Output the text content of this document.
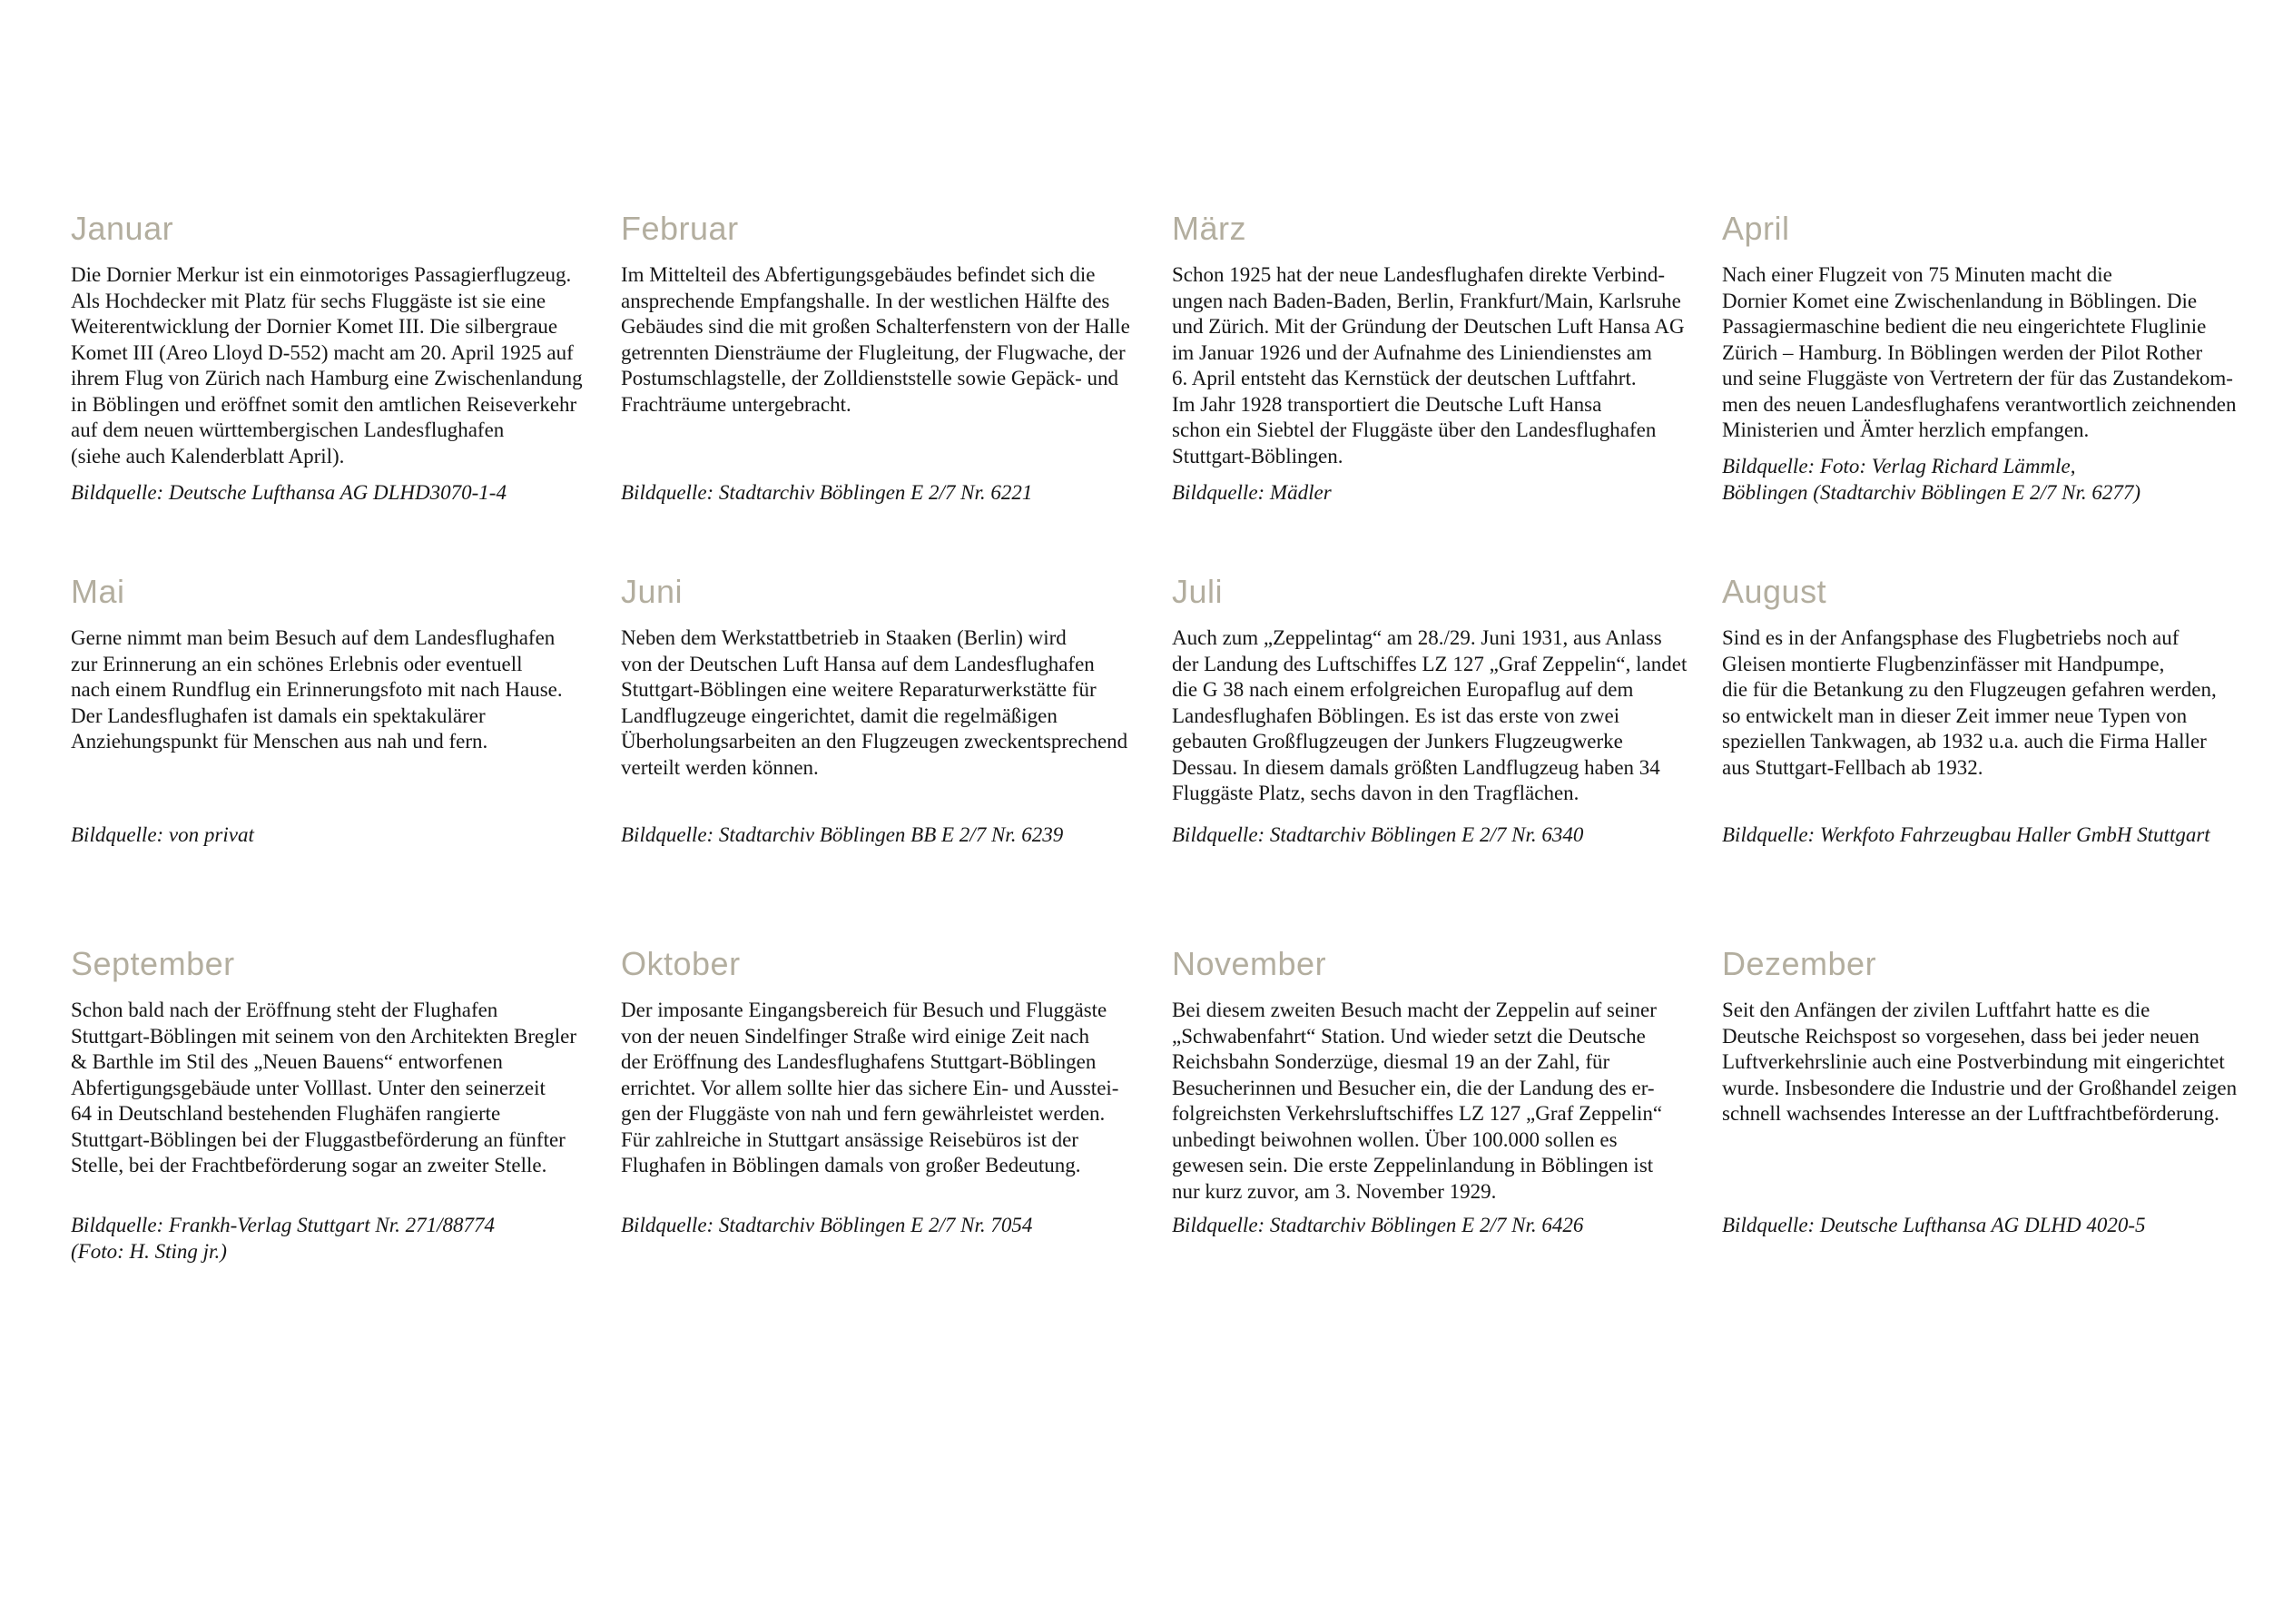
Januar
Die Dornier Merkur ist ein einmotoriges Passagierflugzeug.
Als Hochdecker mit Platz für sechs Fluggäste ist sie eine
Weiterentwicklung der Dornier Komet III. Die silbergraue
Komet III (Areo Lloyd D-552) macht am 20. April 1925 auf
ihrem Flug von Zürich nach Hamburg eine Zwischenlandung
in Böblingen und eröffnet somit den amtlichen Reiseverkehr
auf dem neuen württembergischen Landesflughafen
(siehe auch Kalenderblatt April).
Bildquelle: Deutsche Lufthansa AG DLHD3070-1-4
Februar
Im Mittelteil des Abfertigungsgebäudes befindet sich die
ansprechende Empfangshalle. In der westlichen Hälfte des
Gebäudes sind die mit großen Schalterfenstern von der Halle
getrennten Diensträume der Flugleitung, der Flugwache, der
Postumschlagstelle, der Zolldienststelle sowie Gepäck- und
Frachträume untergebracht.
Bildquelle: Stadtarchiv Böblingen E 2/7 Nr. 6221
März
Schon 1925 hat der neue Landesflughafen direkte Verbind-
ungen nach Baden-Baden, Berlin, Frankfurt/Main, Karlsruhe
und Zürich. Mit der Gründung der Deutschen Luft Hansa AG
im Januar 1926 und der Aufnahme des Liniendienstes am
6. April entsteht das Kernstück der deutschen Luftfahrt.
Im Jahr 1928 transportiert die Deutsche Luft Hansa
schon ein Siebtel der Fluggäste über den Landesflughafen
Stuttgart-Böblingen.
Bildquelle: Mädler
April
Nach einer Flugzeit von 75 Minuten macht die
Dornier Komet eine Zwischenlandung in Böblingen. Die
Passagiermaschine bedient die neu eingerichtete Fluglinie
Zürich – Hamburg. In Böblingen werden der Pilot Rother
und seine Fluggäste von Vertretern der für das Zustandekom-
men des neuen Landesflughafens verantwortlich zeichnenden
Ministerien und Ämter herzlich empfangen.
Bildquelle: Foto: Verlag Richard Lämmle,
Böblingen (Stadtarchiv Böblingen E 2/7 Nr. 6277)
Mai
Gerne nimmt man beim Besuch auf dem Landesflughafen
zur Erinnerung an ein schönes Erlebnis oder eventuell
nach einem Rundflug ein Erinnerungsfoto mit nach Hause.
Der Landesflughafen ist damals ein spektakulärer
Anziehungspunkt für Menschen aus nah und fern.
Bildquelle: von privat
Juni
Neben dem Werkstattbetrieb in Staaken (Berlin) wird
von der Deutschen Luft Hansa auf dem Landesflughafen
Stuttgart-Böblingen eine weitere Reparaturwerkstätte für
Landflugzeuge eingerichtet, damit die regelmäßigen
Überholungsarbeiten an den Flugzeugen zweckentsprechend
verteilt werden können.
Bildquelle: Stadtarchiv Böblingen BB E 2/7 Nr. 6239
Juli
Auch zum „Zeppelintag“ am 28./29. Juni 1931, aus Anlass
der Landung des Luftschiffes LZ 127 „Graf Zeppelin“, landet
die G 38 nach einem erfolgreichen Europaflug auf dem
Landesflughafen Böblingen. Es ist das erste von zwei
gebauten Großflugzeugen der Junkers Flugzeugwerke
Dessau. In diesem damals größten Landflugzeug haben 34
Fluggäste Platz, sechs davon in den Tragflächen.
Bildquelle: Stadtarchiv Böblingen E 2/7 Nr. 6340
August
Sind es in der Anfangsphase des Flugbetriebs noch auf
Gleisen montierte Flugbenzinfässer mit Handpumpe,
die für die Betankung zu den Flugzeugen gefahren werden,
so entwickelt man in dieser Zeit immer neue Typen von
speziellen Tankwagen, ab 1932 u.a. auch die Firma Haller
aus Stuttgart-Fellbach ab 1932.
Bildquelle: Werkfoto Fahrzeugbau Haller GmbH Stuttgart
September
Schon bald nach der Eröffnung steht der Flughafen
Stuttgart-Böblingen mit seinem von den Architekten Bregler
& Barthle im Stil des „Neuen Bauens“ entworfenen
Abfertigungsgebäude unter Volllast. Unter den seinerzeit
64 in Deutschland bestehenden Flughäfen rangierte
Stuttgart-Böblingen bei der Fluggastbeförderung an fünfter
Stelle, bei der Frachtbeförderung sogar an zweiter Stelle.
Bildquelle: Frankh-Verlag Stuttgart Nr. 271/88774
(Foto: H. Sting jr.)
Oktober
Der imposante Eingangsbereich für Besuch und Fluggäste
von der neuen Sindelfinger Straße wird einige Zeit nach
der Eröffnung des Landesflughafens Stuttgart-Böblingen
errichtet. Vor allem sollte hier das sichere Ein- und Ausstei-
gen der Fluggäste von nah und fern gewährleistet werden.
Für zahlreiche in Stuttgart ansässige Reisebüros ist der
Flughafen in Böblingen damals von großer Bedeutung.
Bildquelle: Stadtarchiv Böblingen E 2/7 Nr. 7054
November
Bei diesem zweiten Besuch macht der Zeppelin auf seiner
„Schwabenfahrt“ Station. Und wieder setzt die Deutsche
Reichsbahn Sonderzüge, diesmal 19 an der Zahl, für
Besucherinnen und Besucher ein, die der Landung des er-
folgreichsten Verkehrsluftschiffes LZ 127 „Graf Zeppelin“
unbedingt beiwohnen wollen. Über 100.000 sollen es
gewesen sein. Die erste Zeppelinlandung in Böblingen ist
nur kurz zuvor, am 3. November 1929.
Bildquelle: Stadtarchiv Böblingen E 2/7 Nr. 6426
Dezember
Seit den Anfängen der zivilen Luftfahrt hatte es die
Deutsche Reichspost so vorgesehen, dass bei jeder neuen
Luftverkehrslinie auch eine Postverbindung mit eingerichtet
wurde. Insbesondere die Industrie und der Großhandel zeigen
schnell wachsendes Interesse an der Luftfrachtbeförderung.
Bildquelle: Deutsche Lufthansa AG DLHD 4020-5
